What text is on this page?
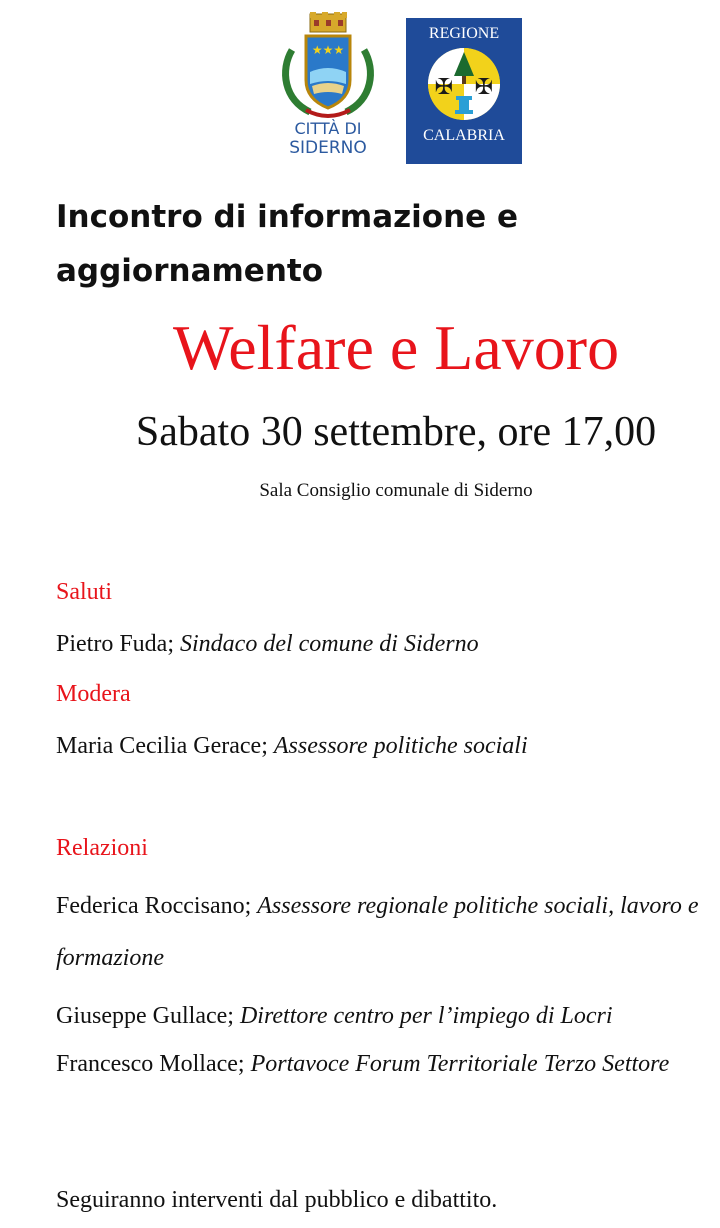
★★★
CITTÀ DI
SIDERNO
REGIONE
✠ ✠
CALABRIA
Incontro di informazione e aggiornamento
Welfare e Lavoro
Sabato 30 settembre, ore 17,00
Sala Consiglio comunale di Siderno

Saluti

Pietro Fuda; Sindaco del comune di Siderno

Modera

Maria Cecilia Gerace; Assessore politiche sociali

Relazioni

Federica Roccisano; Assessore regionale politiche sociali, lavoro e formazione

Giuseppe Gullace; Direttore centro per l’impiego di Locri

Francesco Mollace; Portavoce Forum Territoriale Terzo Settore

Seguiranno interventi dal pubblico e dibattito.
